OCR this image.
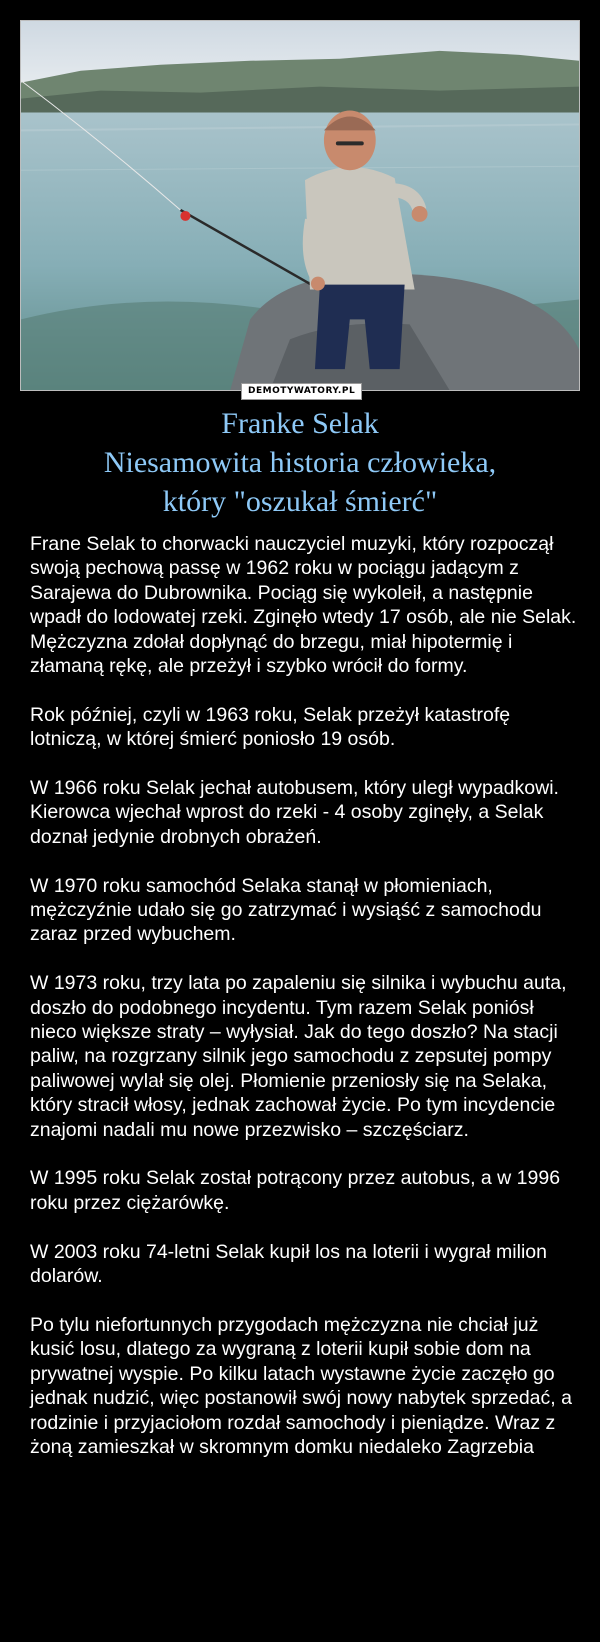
DEMOTYWATORY.PL
Franke Selak
Niesamowita historia człowieka,
który "oszukał śmierć"

Frane Selak to chorwacki nauczyciel muzyki, który rozpoczął swoją pechową passę w 1962 roku w pociągu jadącym z Sarajewa do Dubrownika. Pociąg się wykoleił, a następnie wpadł do lodowatej rzeki. Zginęło wtedy 17 osób, ale nie Selak. Mężczyzna zdołał dopłynąć do brzegu, miał hipotermię i złamaną rękę, ale przeżył i szybko wrócił do formy.

Rok później, czyli w 1963 roku, Selak przeżył katastrofę lotniczą, w której śmierć poniosło 19 osób.

W 1966 roku Selak jechał autobusem, który uległ wypadkowi. Kierowca wjechał wprost do rzeki - 4 osoby zginęły, a Selak doznał jedynie drobnych obrażeń.

W 1970 roku samochód Selaka stanął w płomieniach, mężczyźnie udało się go zatrzymać i wysiąść z samochodu zaraz przed wybuchem.

W 1973 roku, trzy lata po zapaleniu się silnika i wybuchu auta, doszło do podobnego incydentu. Tym razem Selak poniósł nieco większe straty – wyłysiał. Jak do tego doszło? Na stacji paliw, na rozgrzany silnik jego samochodu z zepsutej pompy paliwowej wylał się olej. Płomienie przeniosły się na Selaka, który stracił włosy, jednak zachował życie. Po tym incydencie znajomi nadali mu nowe przezwisko – szczęściarz.

W 1995 roku Selak został potrącony przez autobus, a w 1996 roku przez ciężarówkę.

W 2003 roku 74-letni Selak kupił los na loterii i wygrał milion dolarów.

Po tylu niefortunnych przygodach mężczyzna nie chciał już kusić losu, dlatego za wygraną z loterii kupił sobie dom na prywatnej wyspie. Po kilku latach wystawne życie zaczęło go jednak nudzić, więc postanowił swój nowy nabytek sprzedać, a rodzinie i przyjaciołom rozdał samochody i pieniądze. Wraz z żoną zamieszkał w skromnym domku niedaleko Zagrzebia
